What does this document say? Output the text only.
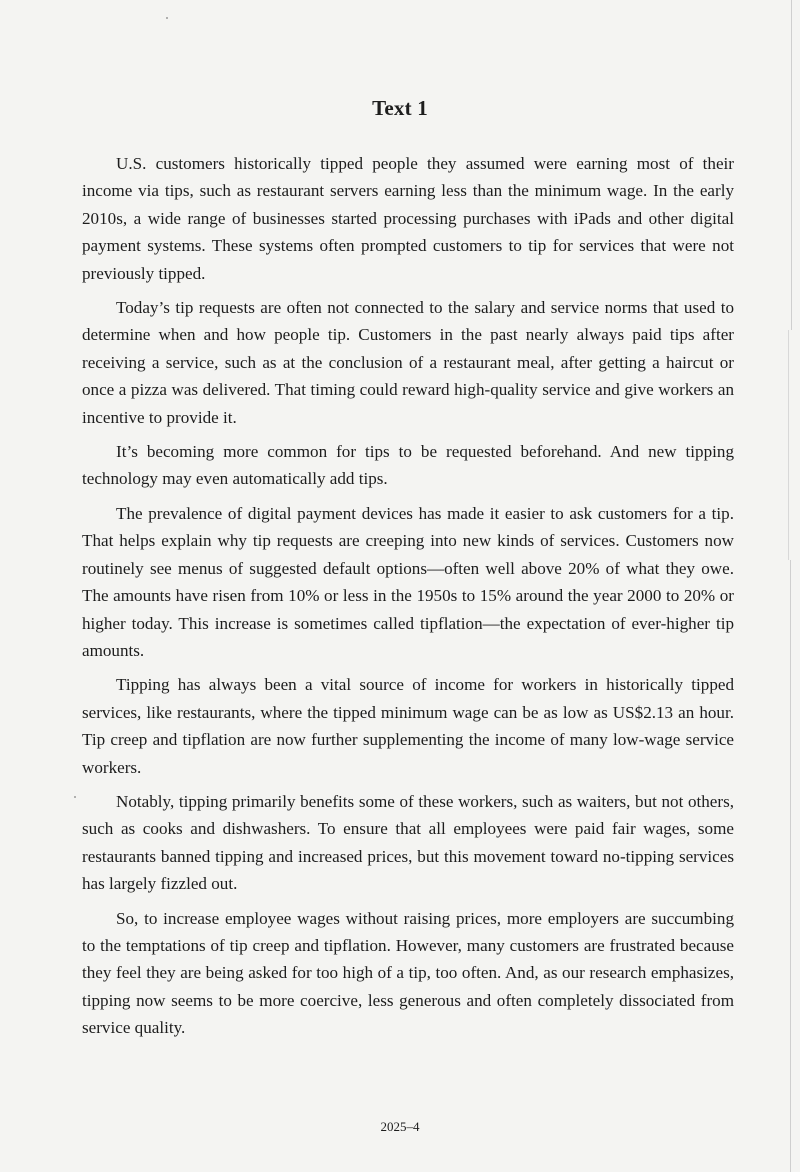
Text 1

U.S. customers historically tipped people they assumed were earning most of their income via tips, such as restaurant servers earning less than the minimum wage. In the early 2010s, a wide range of businesses started processing purchases with iPads and other digital payment systems. These systems often prompted customers to tip for services that were not previously tipped.

Today’s tip requests are often not connected to the salary and service norms that used to determine when and how people tip. Customers in the past nearly always paid tips after receiving a service, such as at the conclusion of a restaurant meal, after getting a haircut or once a pizza was delivered. That timing could reward high-quality service and give workers an incentive to provide it.

It’s becoming more common for tips to be requested beforehand. And new tipping technology may even automatically add tips.

The prevalence of digital payment devices has made it easier to ask customers for a tip. That helps explain why tip requests are creeping into new kinds of services. Customers now routinely see menus of suggested default options—often well above 20% of what they owe. The amounts have risen from 10% or less in the 1950s to 15% around the year 2000 to 20% or higher today. This increase is sometimes called tipflation—the expectation of ever-higher tip amounts.

Tipping has always been a vital source of income for workers in historically tipped services, like restaurants, where the tipped minimum wage can be as low as US$2.13 an hour. Tip creep and tipflation are now further supplementing the income of many low-wage service workers.

Notably, tipping primarily benefits some of these workers, such as waiters, but not others, such as cooks and dishwashers. To ensure that all employees were paid fair wages, some restaurants banned tipping and increased prices, but this movement toward no-tipping services has largely fizzled out.

So, to increase employee wages without raising prices, more employers are succumbing to the temptations of tip creep and tipflation. However, many customers are frustrated because they feel they are being asked for too high of a tip, too often. And, as our research emphasizes, tipping now seems to be more coercive, less generous and often completely dissociated from service quality.

2025–4
